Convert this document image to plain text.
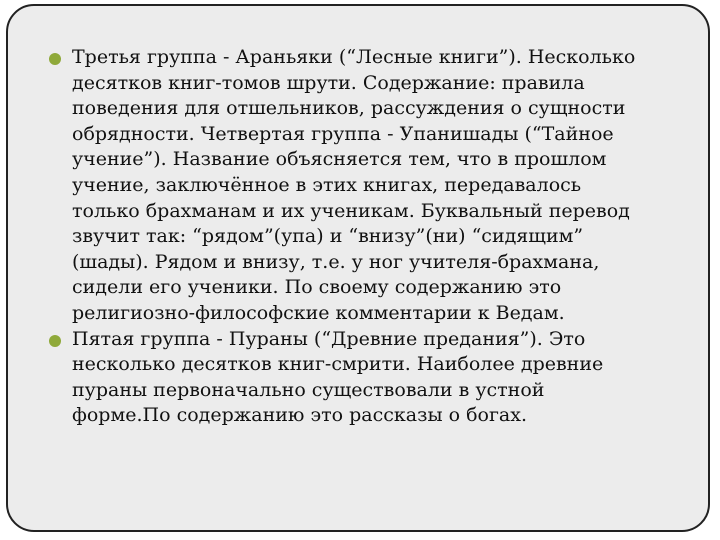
Третья группа - Араньяки (“Лесные книги”). Несколько
десятков книг-томов шрути. Содержание: правила
поведения для отшельников, рассуждения о сущности
обрядности. Четвертая группа - Упанишады (“Тайное
учение”). Название объясняется тем, что в прошлом
учение, заключённое в этих книгах, передавалось
только брахманам и их ученикам. Буквальный перевод
звучит так: “рядом”(упа) и “внизу”(ни) “сидящим”
(шады). Рядом и внизу, т.е. у ног учителя-брахмана,
сидели его ученики. По своему содержанию это
религиозно-философские комментарии к Ведам.
Пятая группа - Пураны (“Древние предания”). Это
несколько десятков книг-смрити. Наиболее древние
пураны первоначально существовали в устной
форме.По содержанию это рассказы о богах.
